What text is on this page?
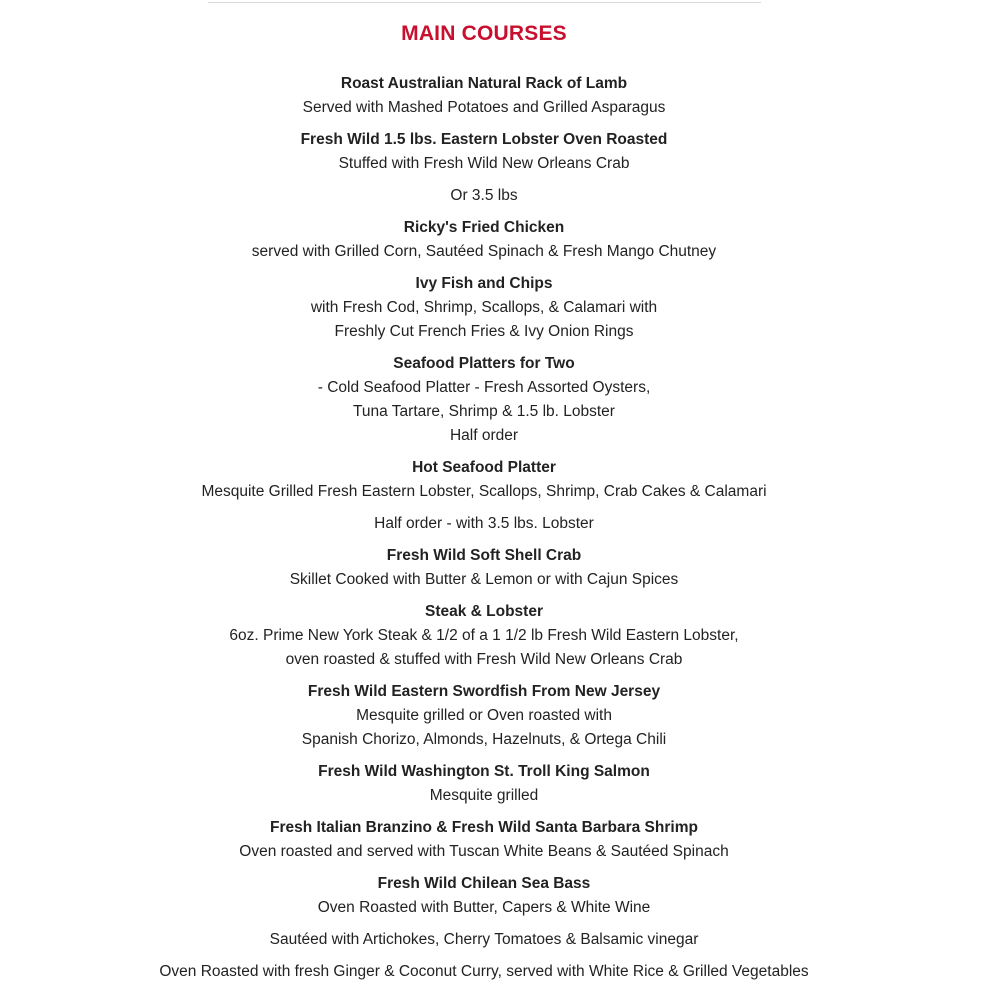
MAIN COURSES
Roast Australian Natural Rack of Lamb
Served with Mashed Potatoes and Grilled Asparagus
Fresh Wild 1.5 lbs. Eastern Lobster Oven Roasted
Stuffed with Fresh Wild New Orleans Crab
Or 3.5 lbs
Ricky's Fried Chicken
served with Grilled Corn, Sautéed Spinach & Fresh Mango Chutney
Ivy Fish and Chips
with Fresh Cod, Shrimp, Scallops, & Calamari with
Freshly Cut French Fries & Ivy Onion Rings
Seafood Platters for Two
- Cold Seafood Platter - Fresh Assorted Oysters,
Tuna Tartare, Shrimp & 1.5 lb. Lobster
Half order
Hot Seafood Platter
Mesquite Grilled Fresh Eastern Lobster, Scallops, Shrimp, Crab Cakes & Calamari
Half order - with 3.5 lbs. Lobster
Fresh Wild Soft Shell Crab
Skillet Cooked with Butter & Lemon or with Cajun Spices
Steak & Lobster
6oz. Prime New York Steak & 1/2 of a 1 1/2 lb Fresh Wild Eastern Lobster,
oven roasted & stuffed with Fresh Wild New Orleans Crab
Fresh Wild Eastern Swordfish From New Jersey
Mesquite grilled or Oven roasted with
Spanish Chorizo, Almonds, Hazelnuts, & Ortega Chili
Fresh Wild Washington St. Troll King Salmon
Mesquite grilled
Fresh Italian Branzino & Fresh Wild Santa Barbara Shrimp
Oven roasted and served with Tuscan White Beans & Sautéed Spinach
Fresh Wild Chilean Sea Bass
Oven Roasted with Butter, Capers & White Wine
Sautéed with Artichokes, Cherry Tomatoes & Balsamic vinegar
Oven Roasted with fresh Ginger & Coconut Curry, served with White Rice & Grilled Vegetables
